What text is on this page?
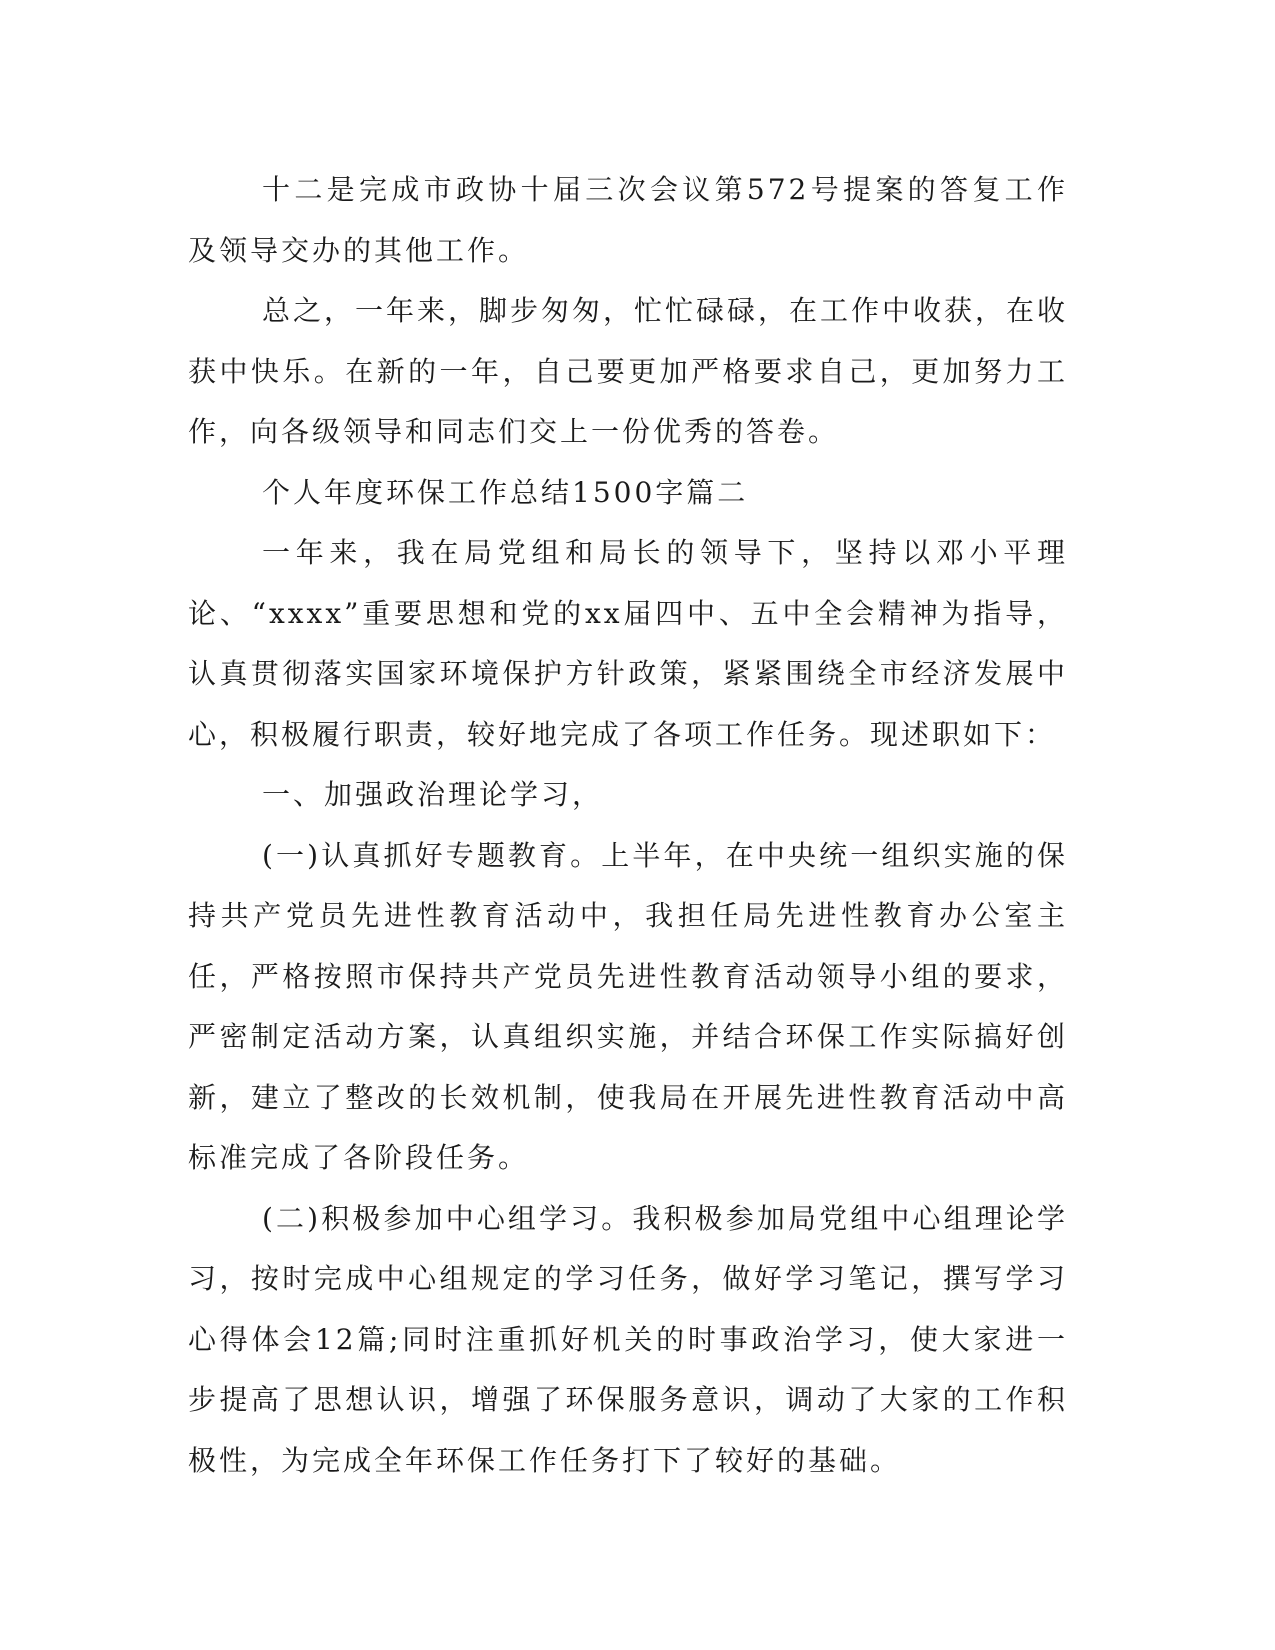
十二是完成市政协十届三次会议第572号提案的答复工作及领导交办的其他工作。

总之，一年来，脚步匆匆，忙忙碌碌，在工作中收获，在收获中快乐。在新的一年，自己要更加严格要求自己，更加努力工作，向各级领导和同志们交上一份优秀的答卷。

个人年度环保工作总结1500字篇二

一年来，我在局党组和局长的领导下，坚持以邓小平理论、“xxxx”重要思想和党的xx届四中、五中全会精神为指导，认真贯彻落实国家环境保护方针政策，紧紧围绕全市经济发展中心，积极履行职责，较好地完成了各项工作任务。现述职如下：

一、加强政治理论学习，

(一)认真抓好专题教育。上半年，在中央统一组织实施的保持共产党员先进性教育活动中，我担任局先进性教育办公室主任，严格按照市保持共产党员先进性教育活动领导小组的要求，严密制定活动方案，认真组织实施，并结合环保工作实际搞好创新，建立了整改的长效机制，使我局在开展先进性教育活动中高标准完成了各阶段任务。

(二)积极参加中心组学习。我积极参加局党组中心组理论学习，按时完成中心组规定的学习任务，做好学习笔记，撰写学习心得体会12篇;同时注重抓好机关的时事政治学习，使大家进一步提高了思想认识，增强了环保服务意识，调动了大家的工作积极性，为完成全年环保工作任务打下了较好的基础。
